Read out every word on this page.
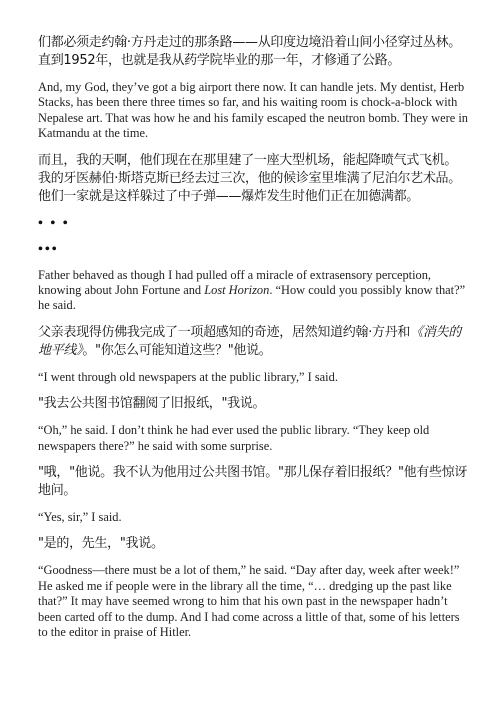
们都必须走约翰·方丹走过的那条路——从印度边境沿着山间小径穿过丛林。直到1952年，也就是我从药学院毕业的那一年，才修通了公路。

And, my God, they’ve got a big airport there now. It can handle jets. My dentist, Herb Stacks, has been there three times so far, and his waiting room is chock-a-block with Nepalese art. That was how he and his family escaped the neutron bomb. They were in Katmandu at the time.

而且，我的天啊，他们现在在那里建了一座大型机场，能起降喷气式飞机。我的牙医赫伯·斯塔克斯已经去过三次，他的候诊室里堆满了尼泊尔艺术品。他们一家就是这样躲过了中子弹——爆炸发生时他们正在加德满都。

• • •

•••

Father behaved as though I had pulled off a miracle of extrasensory perception, knowing about John Fortune and Lost Horizon. “How could you possibly know that?” he said.

父亲表现得仿佛我完成了一项超感知的奇迹，居然知道约翰·方丹和《消失的地平线》。"你怎么可能知道这些？"他说。

“I went through old newspapers at the public library,” I said.

"我去公共图书馆翻阅了旧报纸，"我说。

“Oh,” he said. I don’t think he had ever used the public library. “They keep old newspapers there?” he said with some surprise.

"哦，"他说。我不认为他用过公共图书馆。"那儿保存着旧报纸？"他有些惊讶地问。

“Yes, sir,” I said.

"是的，先生，"我说。

“Goodness—there must be a lot of them,” he said. “Day after day, week after week!” He asked me if people were in the library all the time, “… dredging up the past like that?” It may have seemed wrong to him that his own past in the newspaper hadn’t been carted off to the dump. And I had come across a little of that, some of his letters to the editor in praise of Hitler.
